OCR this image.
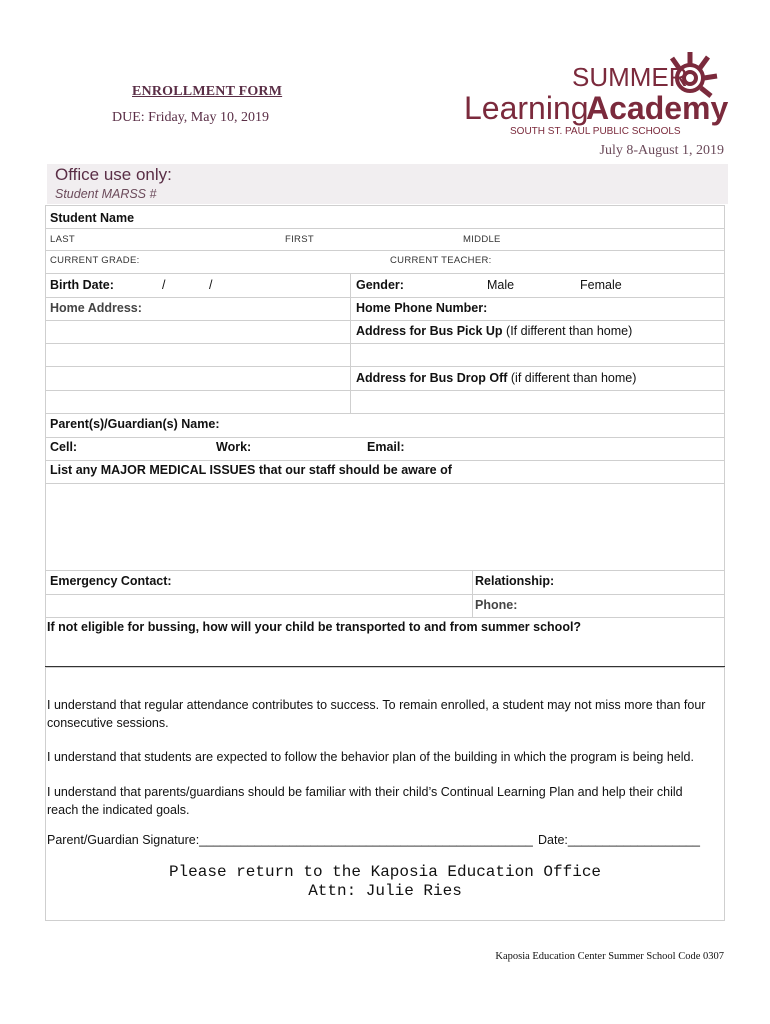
ENROLLMENT FORM
DUE: Friday, May 10, 2019
SUMMER
Learning
Academy
SOUTH ST. PAUL PUBLIC SCHOOLS
July 8-August 1, 2019
Office use only:
Student MARSS #
Student Name
LAST	FIRST	MIDDLE
CURRENT GRADE:	CURRENT TEACHER:
Birth Date:	/	/	Gender:	Male	Female
Home Address:	Home Phone Number:
Address for Bus Pick Up (If different than home)
Address for Bus Drop Off (if different than home)
Parent(s)/Guardian(s) Name:
Cell:	Work:	Email:
List any MAJOR MEDICAL ISSUES that our staff should be aware of
Emergency Contact:	Relationship:
Phone:
If not eligible for bussing, how will your child be transported to and from summer school?
I understand that regular attendance contributes to success. To remain enrolled, a student may not miss more than four consecutive sessions.
I understand that students are expected to follow the behavior plan of the building in which the program is being held.
I understand that parents/guardians should be familiar with their child’s Continual Learning Plan and help their child reach the indicated goals.
Parent/Guardian Signature:________________________________________________ Date:___________________
Please return to the Kaposia Education Office
Attn: Julie Ries
Kaposia Education Center Summer School Code 0307
